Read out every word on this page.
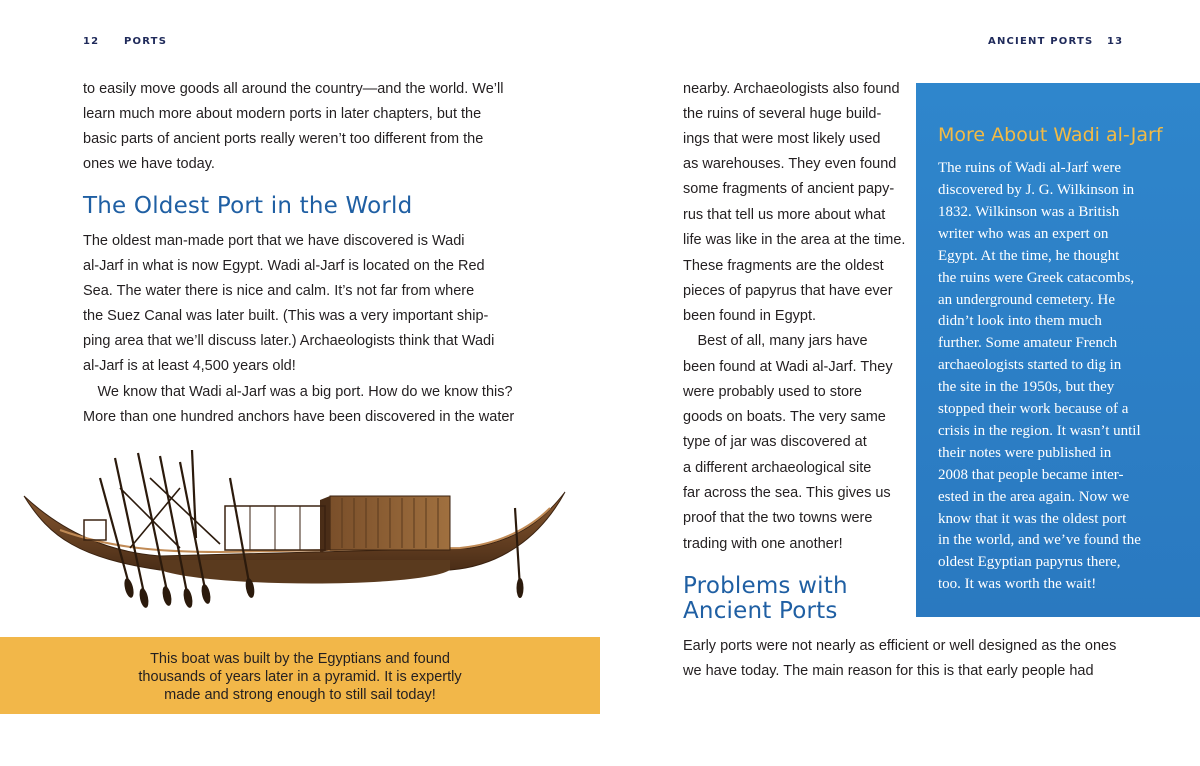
12 PORTS	ANCIENT PORTS 13
to easily move goods all around the country—and the world. We’ll
learn much more about modern ports in later chapters, but the
basic parts of ancient ports really weren’t too different from the
ones we have today.
The Oldest Port in the World
The oldest man-made port that we have discovered is Wadi
al-Jarf in what is now Egypt. Wadi al-Jarf is located on the Red
Sea. The water there is nice and calm. It’s not far from where
the Suez Canal was later built. (This was a very important ship-
ping area that we’ll discuss later.) Archaeologists think that Wadi
al-Jarf is at least 4,500 years old!
 We know that Wadi al-Jarf was a big port. How do we know this?
More than one hundred anchors have been discovered in the water
This boat was built by the Egyptians and found
thousands of years later in a pyramid. It is expertly
made and strong enough to still sail today!
nearby. Archaeologists also found
the ruins of several huge build-
ings that were most likely used
as warehouses. They even found
some fragments of ancient papy-
rus that tell us more about what
life was like in the area at the time.
These fragments are the oldest
pieces of papyrus that have ever
been found in Egypt.
 Best of all, many jars have
been found at Wadi al-Jarf. They
were probably used to store
goods on boats. The very same
type of jar was discovered at
a different archaeological site
far across the sea. This gives us
proof that the two towns were
trading with one another!
Problems with
Ancient Ports
Early ports were not nearly as efficient or well designed as the ones
we have today. The main reason for this is that early people had
More About Wadi al-Jarf
The ruins of Wadi al-Jarf were
discovered by J. G. Wilkinson in
1832. Wilkinson was a British
writer who was an expert on
Egypt. At the time, he thought
the ruins were Greek catacombs,
an underground cemetery. He
didn’t look into them much
further. Some amateur French
archaeologists started to dig in
the site in the 1950s, but they
stopped their work because of a
crisis in the region. It wasn’t until
their notes were published in
2008 that people became inter-
ested in the area again. Now we
know that it was the oldest port
in the world, and we’ve found the
oldest Egyptian papyrus there,
too. It was worth the wait!
